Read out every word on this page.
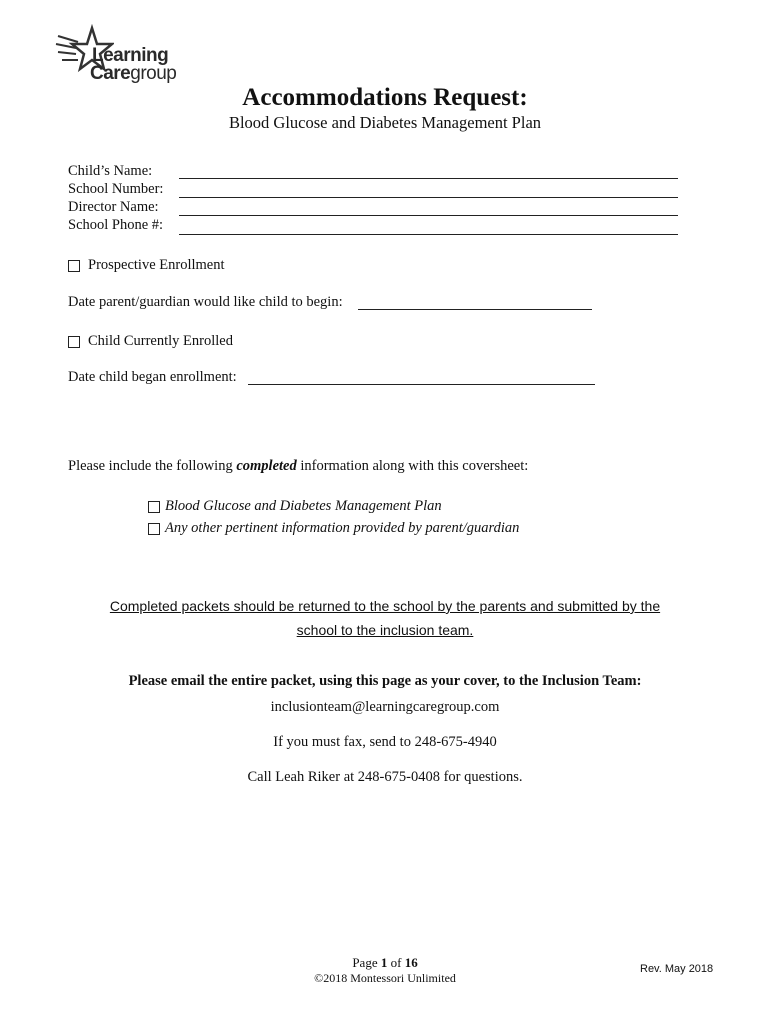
Learning
Caregroup
Accommodations Request:
Blood Glucose and Diabetes Management Plan
Child’s Name:
School Number:
Director Name:
School Phone #:
Prospective Enrollment
Date parent/guardian would like child to begin:
Child Currently Enrolled
Date child began enrollment:
Please include the following completed information along with this coversheet:
Blood Glucose and Diabetes Management Plan
Any other pertinent information provided by parent/guardian
Completed packets should be returned to the school by the parents and submitted by the
school to the inclusion team.
Please email the entire packet, using this page as your cover, to the Inclusion Team:
inclusionteam@learningcaregroup.com
If you must fax, send to 248-675-4940
Call Leah Riker at 248-675-0408 for questions.
Page 1 of 16
©2018 Montessori Unlimited
Rev. May 2018
